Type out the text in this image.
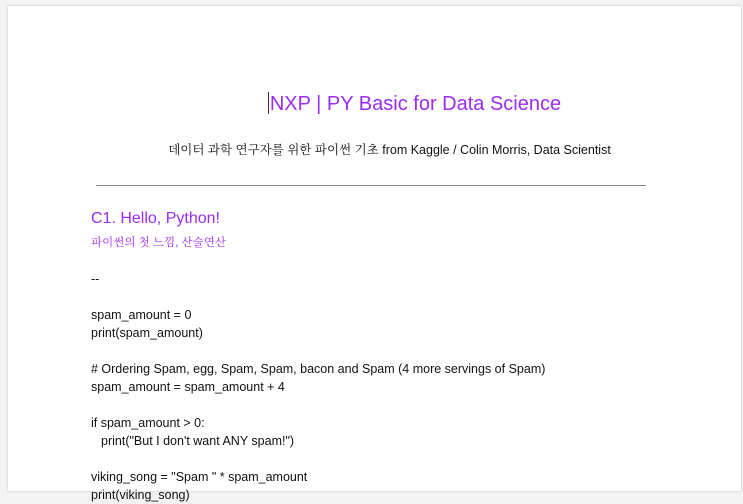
NXP | PY Basic for Data Science
데이터 과학 연구자를 위한 파이썬 기초 from Kaggle / Colin Morris, Data Scientist
C1. Hello, Python!
파이썬의 첫 느낌, 산술연산
--
spam_amount = 0
print(spam_amount)
# Ordering Spam, egg, Spam, Spam, bacon and Spam (4 more servings of Spam)
spam_amount = spam_amount + 4
if spam_amount > 0:
print("But I don't want ANY spam!")
viking_song = "Spam " * spam_amount
print(viking_song)
